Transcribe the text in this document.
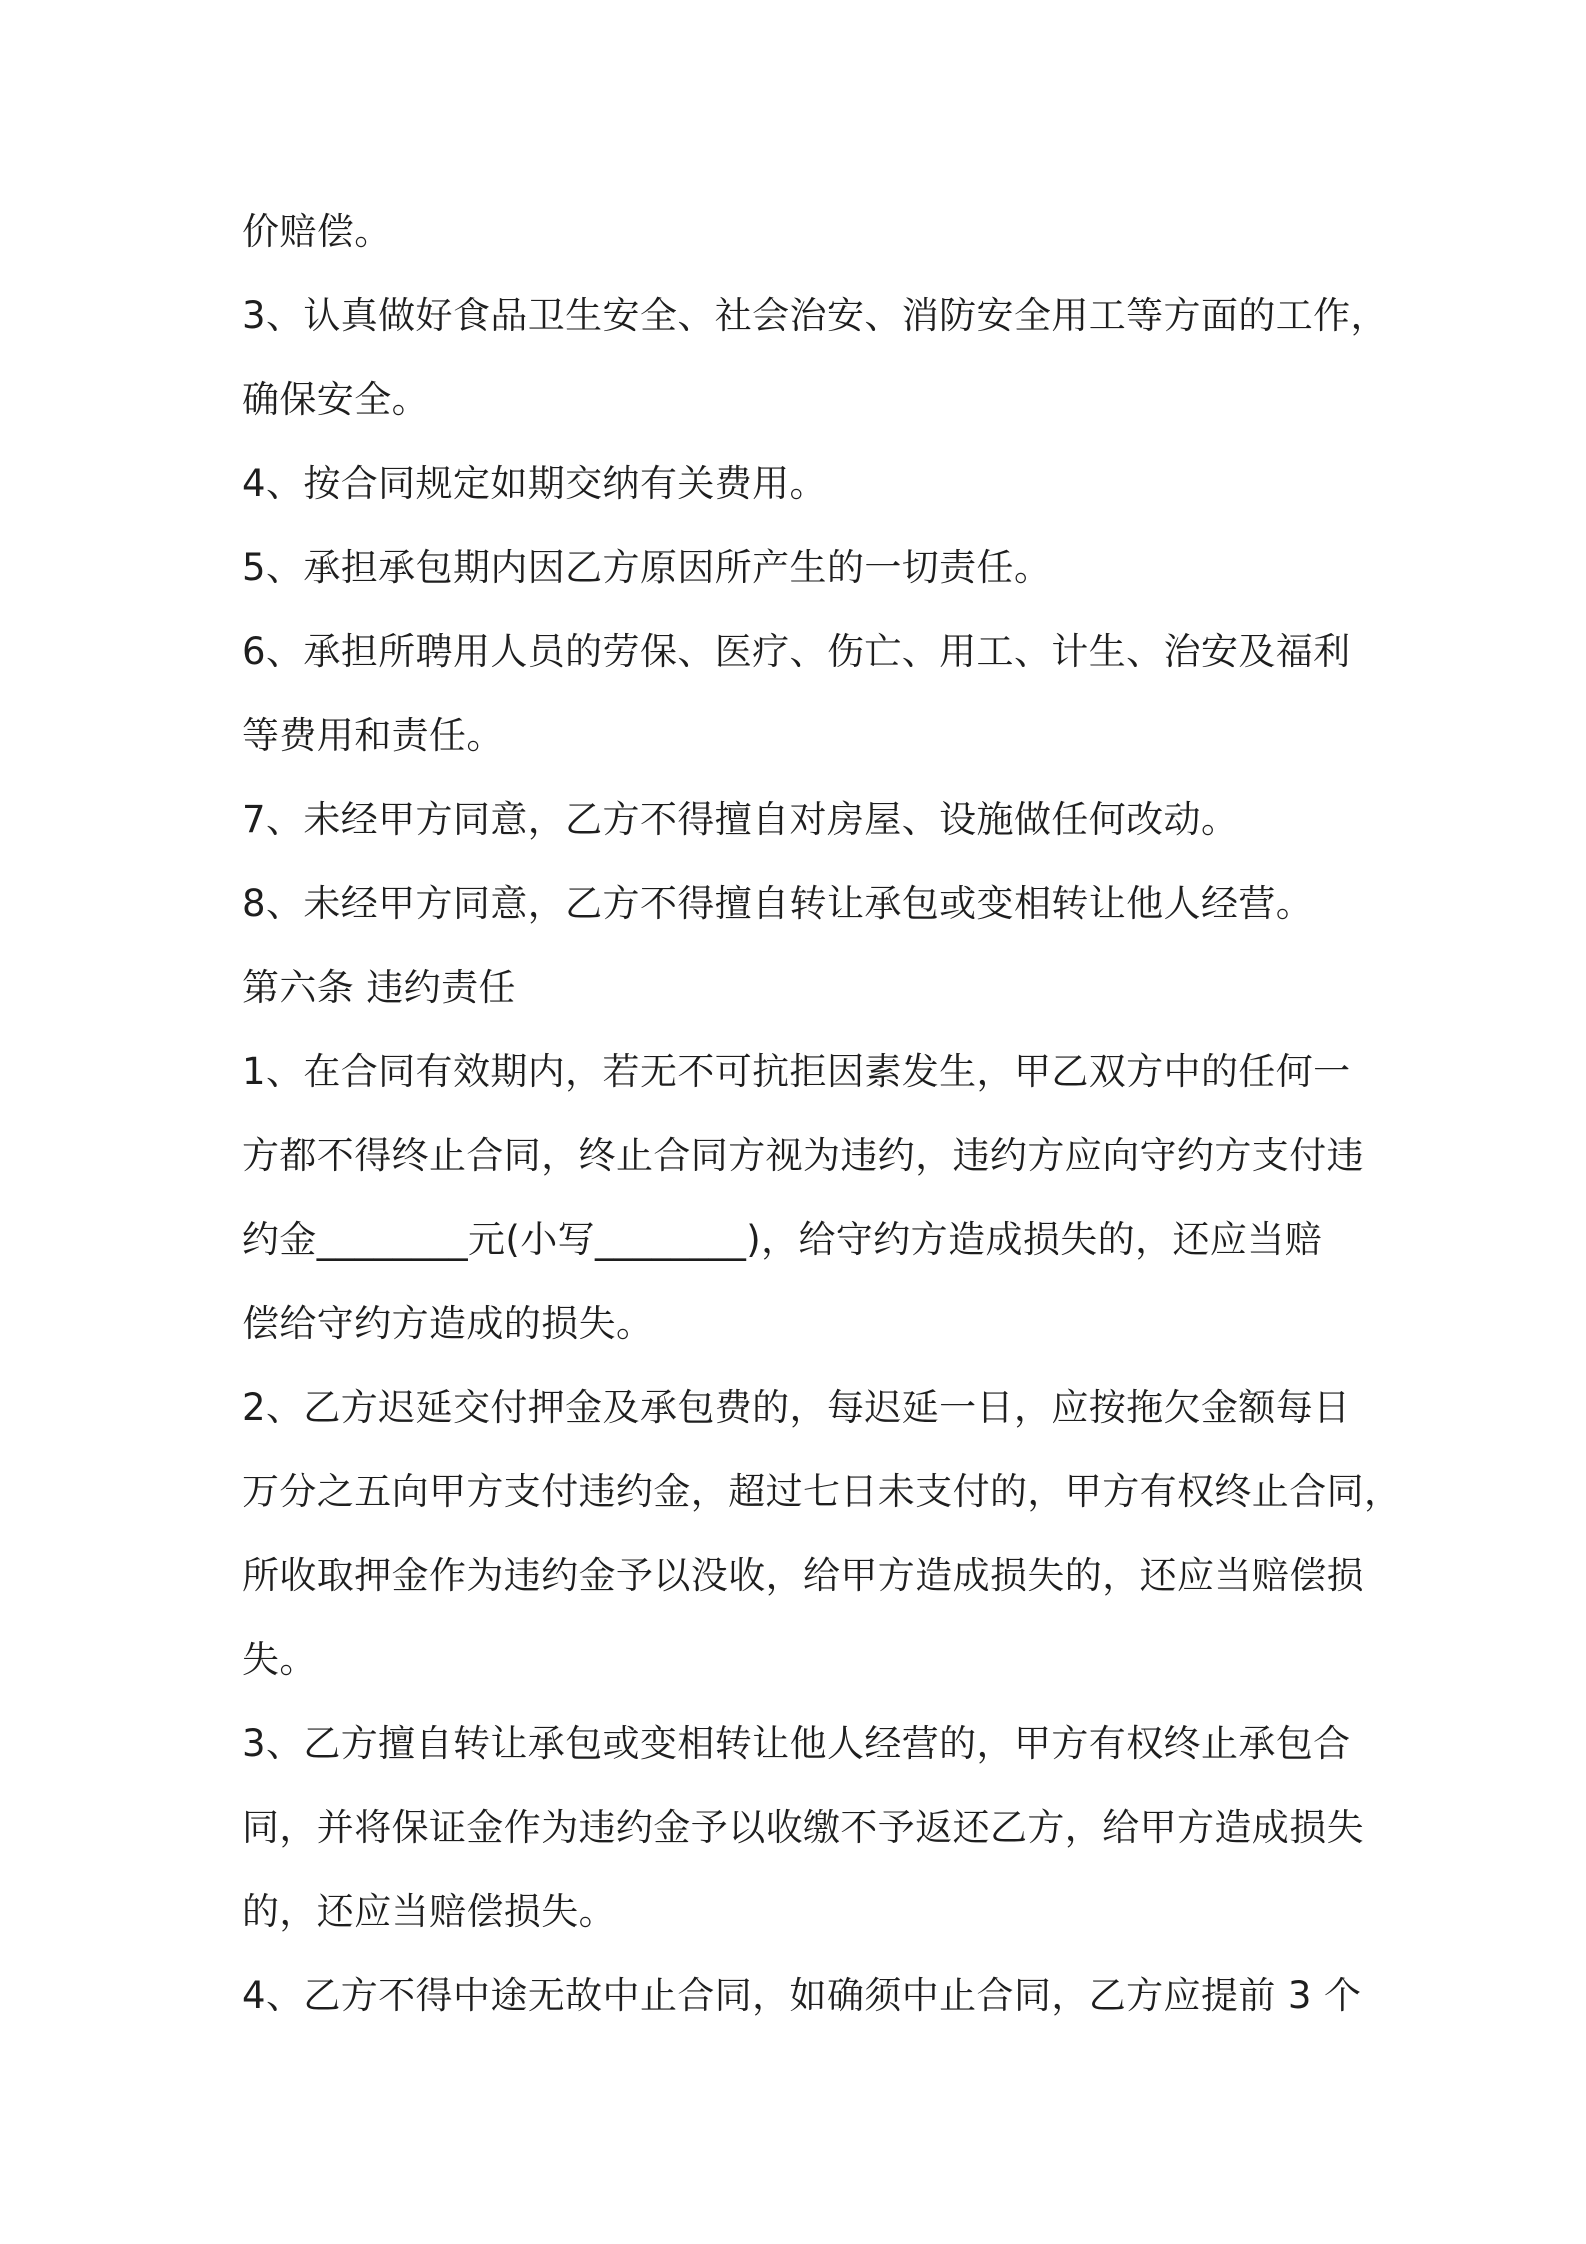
价赔偿。
3、认真做好食品卫生安全、社会治安、消防安全用工等方面的工作，
确保安全。
4、按合同规定如期交纳有关费用。
5、承担承包期内因乙方原因所产生的一切责任。
6、承担所聘用人员的劳保、医疗、伤亡、用工、计生、治安及福利
等费用和责任。
7、未经甲方同意，乙方不得擅自对房屋、设施做任何改动。
8、未经甲方同意，乙方不得擅自转让承包或变相转让他人经营。
第六条 违约责任
1、在合同有效期内，若无不可抗拒因素发生，甲乙双方中的任何一
方都不得终止合同，终止合同方视为违约，违约方应向守约方支付违
约金________元(小写________)，给守约方造成损失的，还应当赔
偿给守约方造成的损失。
2、乙方迟延交付押金及承包费的，每迟延一日，应按拖欠金额每日
万分之五向甲方支付违约金，超过七日未支付的，甲方有权终止合同，
所收取押金作为违约金予以没收，给甲方造成损失的，还应当赔偿损
失。
3、乙方擅自转让承包或变相转让他人经营的，甲方有权终止承包合
同，并将保证金作为违约金予以收缴不予返还乙方，给甲方造成损失
的，还应当赔偿损失。
4、乙方不得中途无故中止合同，如确须中止合同，乙方应提前 3 个
